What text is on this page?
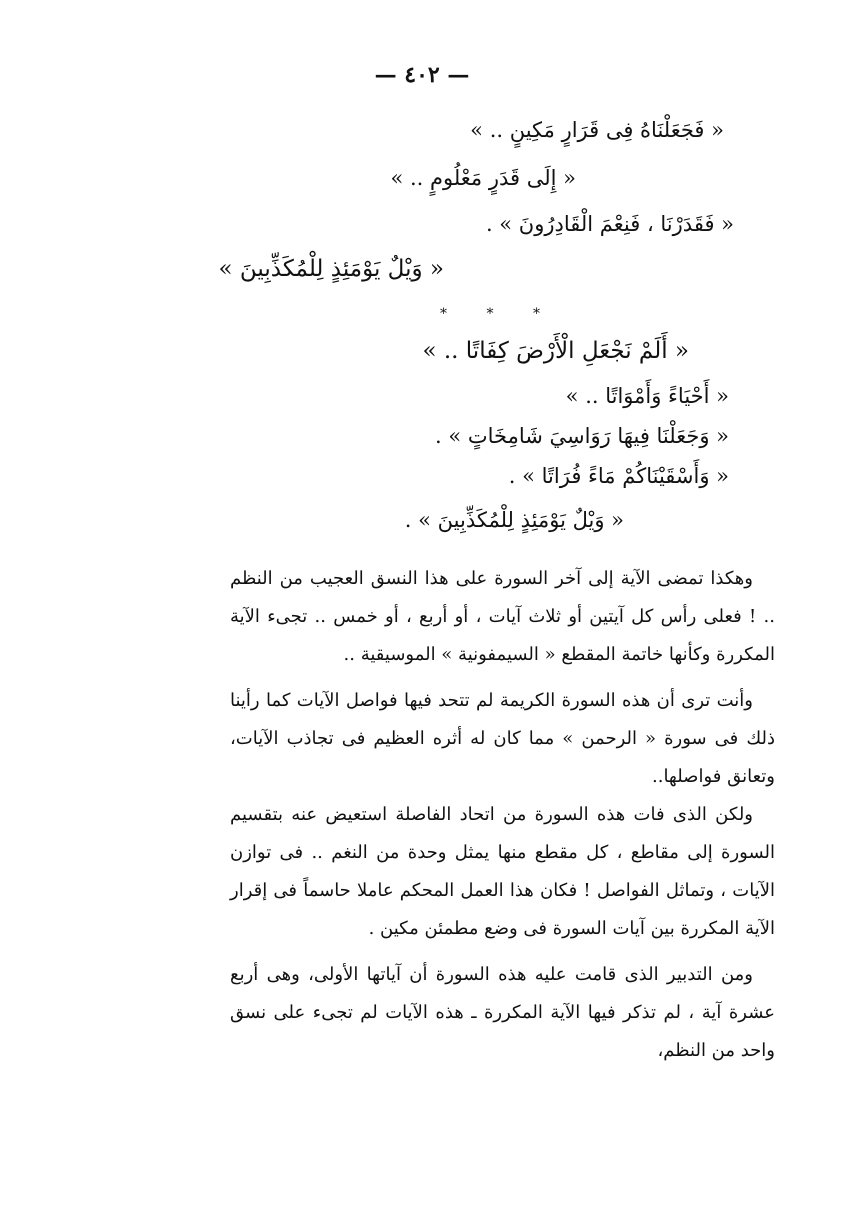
— ٤٠٢ —
« فَجَعَلْنَاهُ فِى قَرَارٍ مَكِينٍ .. »
« إِلَى قَدَرٍ مَعْلُومٍ .. »
« فَقَدَرْنَا ، فَنِعْمَ الْقَادِرُونَ » .
« وَيْلٌ يَوْمَئِذٍ لِلْمُكَذِّبِينَ »
*	*	*
« أَلَمْ نَجْعَلِ الْأَرْضَ كِفَاتًا .. »
« أَحْيَاءً وَأَمْوَاتًا .. »
« وَجَعَلْنَا فِيهَا رَوَاسِيَ شَامِخَاتٍ » .
« وَأَسْقَيْنَاكُمْ مَاءً فُرَاتًا » .
« وَيْلٌ يَوْمَئِذٍ لِلْمُكَذِّبِينَ » .

وهكذا تمضى الآية إلى آخر السورة على هذا النسق العجيب من النظم .. ! فعلى رأس كل آيتين أو ثلاث آيات ، أو أربع ، أو خمس .. تجىء الآية المكررة وكأنها خاتمة المقطع « السيمفونية » الموسيقية ..

وأنت ترى أن هذه السورة الكريمة لم تتحد فيها فواصل الآيات كما رأينا ذلك فى سورة « الرحمن » مما كان له أثره العظيم فى تجاذب الآيات، وتعانق فواصلها..

ولكن الذى فات هذه السورة من اتحاد الفاصلة استعيض عنه بتقسيم السورة إلى مقاطع ، كل مقطع منها يمثل وحدة من النغم .. فى توازن الآيات ، وتماثل الفواصل ! فكان هذا العمل المحكم عاملا حاسماً فى إقرار الآية المكررة بين آيات السورة فى وضع مطمئن مكين .

ومن التدبير الذى قامت عليه هذه السورة أن آياتها الأولى، وهى أربع عشرة آية ، لم تذكر فيها الآية المكررة ـ هذه الآيات لم تجىء على نسق واحد من النظم،
